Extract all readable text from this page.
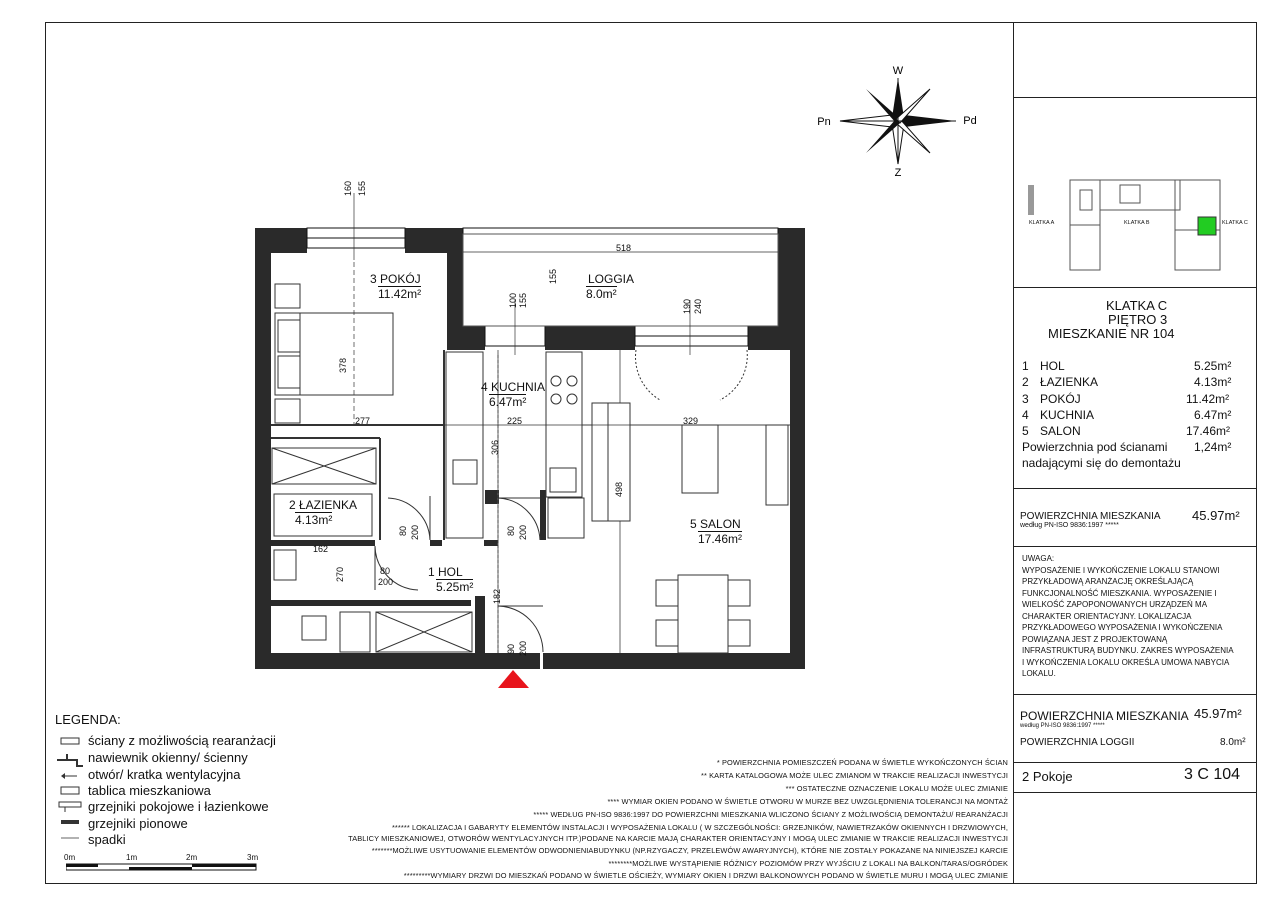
W
Z
Pn	Pd
160 155
518
155
100 155	190 240
378
277	225	329
306
498
162
270
182
80 200	80 200
80
200
90 200
3 POKÓJ
11.42m²
LOGGIA
8.0m²
4 KUCHNIA
6.47m²
2 ŁAZIENKA
4.13m²
1 HOL
5.25m²
5 SALON
17.46m²
KLATKA A	KLATKA B	KLATKA C
KLATKA C
PIĘTRO 3
MIESZKANIE NR 104
1 HOL	5.25m²
2 ŁAZIENKA	4.13m²
3 POKÓJ	11.42m²
4 KUCHNIA	6.47m²
5 SALON	17.46m²
Powierzchnia pod ścianami
nadającymi się do demontażu
1,24m²
POWIERZCHNIA MIESZKANIA
według PN-ISO 9836:1997 *****
45.97m²
UWAGA:
WYPOSAŻENIE I WYKOŃCZENIE LOKALU STANOWI
PRZYKŁADOWĄ ARANŻACJĘ OKREŚLAJĄCĄ
FUNKCJONALNOŚĆ MIESZKANIA. WYPOSAŻENIE I
WIELKOŚĆ ZAPOPONOWANYCH URZĄDZEŃ MA
CHARAKTER ORIENTACYJNY. LOKALIZACJA
PRZYKŁADOWEGO WYPOSAŻENIA I WYKOŃCZENIA
POWIĄZANA JEST Z PROJEKTOWANĄ
INFRASTRUKTURĄ BUDYNKU. ZAKRES WYPOSAŻENIA
I WYKOŃCZENIA LOKALU OKREŚLA UMOWA NABYCIA
LOKALU.
POWIERZCHNIA MIESZKANIA 45.97m²
według PN-ISO 9836:1997 *****
POWIERZCHNIA LOGGII	8.0m²
2 Pokoje	3 C 104
LEGENDA:
ściany z możliwością rearanżacji
nawiewnik okienny/ ścienny
otwór/ kratka wentylacyjna
tablica mieszkaniowa
grzejniki pokojowe i łazienkowe
grzejniki pionowe
spadki
0m	1m	2m	3m
* POWIERZCHNIA POMIESZCZEŃ PODANA W ŚWIETLE WYKOŃCZONYCH ŚCIAN
** KARTA KATALOGOWA MOŻE ULEC ZMIANOM W TRAKCIE REALIZACJI INWESTYCJI
*** OSTATECZNE OZNACZENIE LOKALU MOŻE ULEC ZMIANIE
**** WYMIAR OKIEN PODANO W ŚWIETLE OTWORU W MURZE BEZ UWZGLĘDNIENIA TOLERANCJI NA MONTAŻ
***** WEDŁUG PN-ISO 9836:1997 DO POWIERZCHNI MIESZKANIA WLICZONO ŚCIANY Z MOŻLIWOŚCIĄ DEMONTAŻU/ REARANŻACJI
****** LOKALIZACJA I GABARYTY ELEMENTÓW INSTALACJI I WYPOSAŻENIA LOKALU ( W SZCZEGÓLNOŚCI: GRZEJNIKÓW, NAWIETRZAKÓW OKIENNYCH I DRZWIOWYCH,
TABLICY MIESZKANIOWEJ, OTWORÓW WENTYLACYJNYCH ITP.)PODANE NA KARCIE MAJĄ CHARAKTER ORIENTACYJNY I MOGĄ ULEC ZMIANIE W TRAKCIE REALIZACJI INWESTYCJI
*******MOŻLIWE USYTUOWANIE ELEMENTÓW ODWODNIENIABUDYNKU (NP.RZYGACZY, PRZELEWÓW AWARYJNYCH), KTÓRE NIE ZOSTAŁY POKAZANE NA NINIEJSZEJ KARCIE
********MOŻLIWE WYSTĄPIENIE RÓŻNICY POZIOMÓW PRZY WYJŚCIU Z LOKALI NA BALKON/TARAS/OGRÓDEK
*********WYMIARY DRZWI DO MIESZKAŃ PODANO W ŚWIETLE OŚCIEŻY, WYMIARY OKIEN I DRZWI BALKONOWYCH PODANO W ŚWIETLE MURU I MOGĄ ULEC ZMIANIE
